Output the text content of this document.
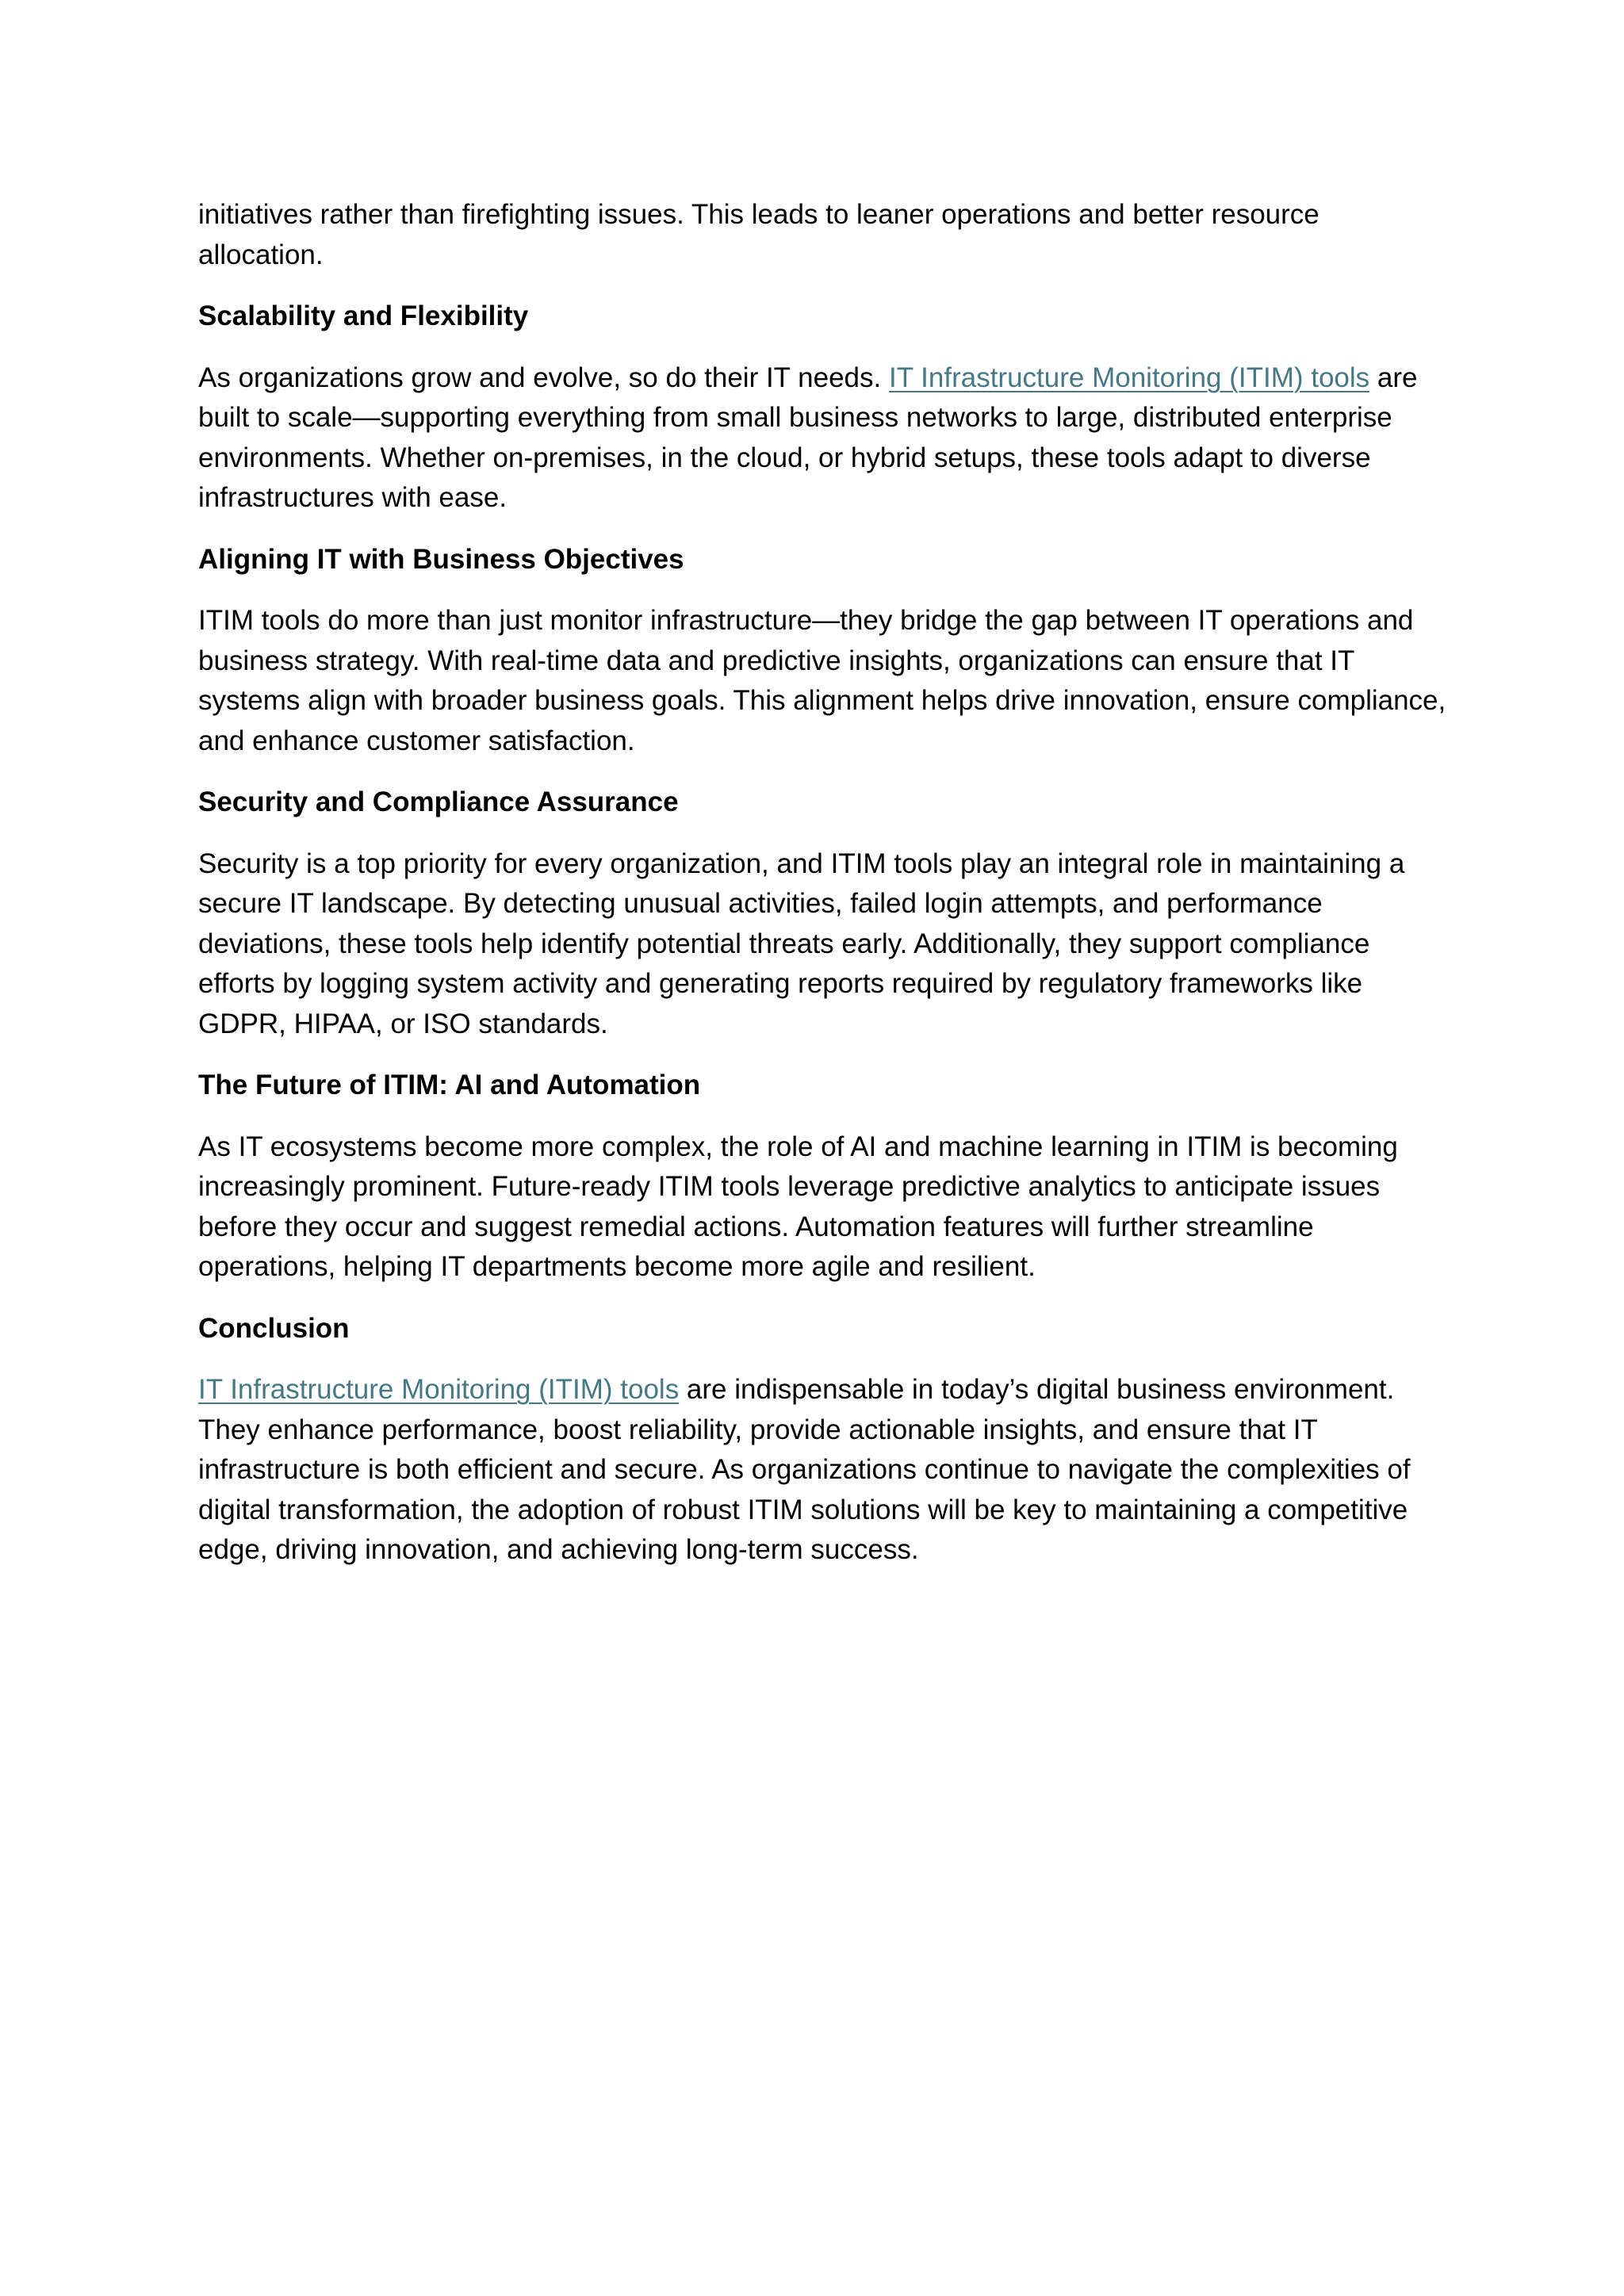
initiatives rather than firefighting issues. This leads to leaner operations and better resource allocation.

Scalability and Flexibility

As organizations grow and evolve, so do their IT needs. IT Infrastructure Monitoring (ITIM) tools are built to scale—supporting everything from small business networks to large, distributed enterprise environments. Whether on-premises, in the cloud, or hybrid setups, these tools adapt to diverse infrastructures with ease.

Aligning IT with Business Objectives

ITIM tools do more than just monitor infrastructure—they bridge the gap between IT operations and business strategy. With real-time data and predictive insights, organizations can ensure that IT systems align with broader business goals. This alignment helps drive innovation, ensure compliance, and enhance customer satisfaction.

Security and Compliance Assurance

Security is a top priority for every organization, and ITIM tools play an integral role in maintaining a secure IT landscape. By detecting unusual activities, failed login attempts, and performance deviations, these tools help identify potential threats early. Additionally, they support compliance efforts by logging system activity and generating reports required by regulatory frameworks like GDPR, HIPAA, or ISO standards.

The Future of ITIM: AI and Automation

As IT ecosystems become more complex, the role of AI and machine learning in ITIM is becoming increasingly prominent. Future-ready ITIM tools leverage predictive analytics to anticipate issues before they occur and suggest remedial actions. Automation features will further streamline operations, helping IT departments become more agile and resilient.

Conclusion

IT Infrastructure Monitoring (ITIM) tools are indispensable in today’s digital business environment. They enhance performance, boost reliability, provide actionable insights, and ensure that IT infrastructure is both efficient and secure. As organizations continue to navigate the complexities of digital transformation, the adoption of robust ITIM solutions will be key to maintaining a competitive edge, driving innovation, and achieving long-term success.
